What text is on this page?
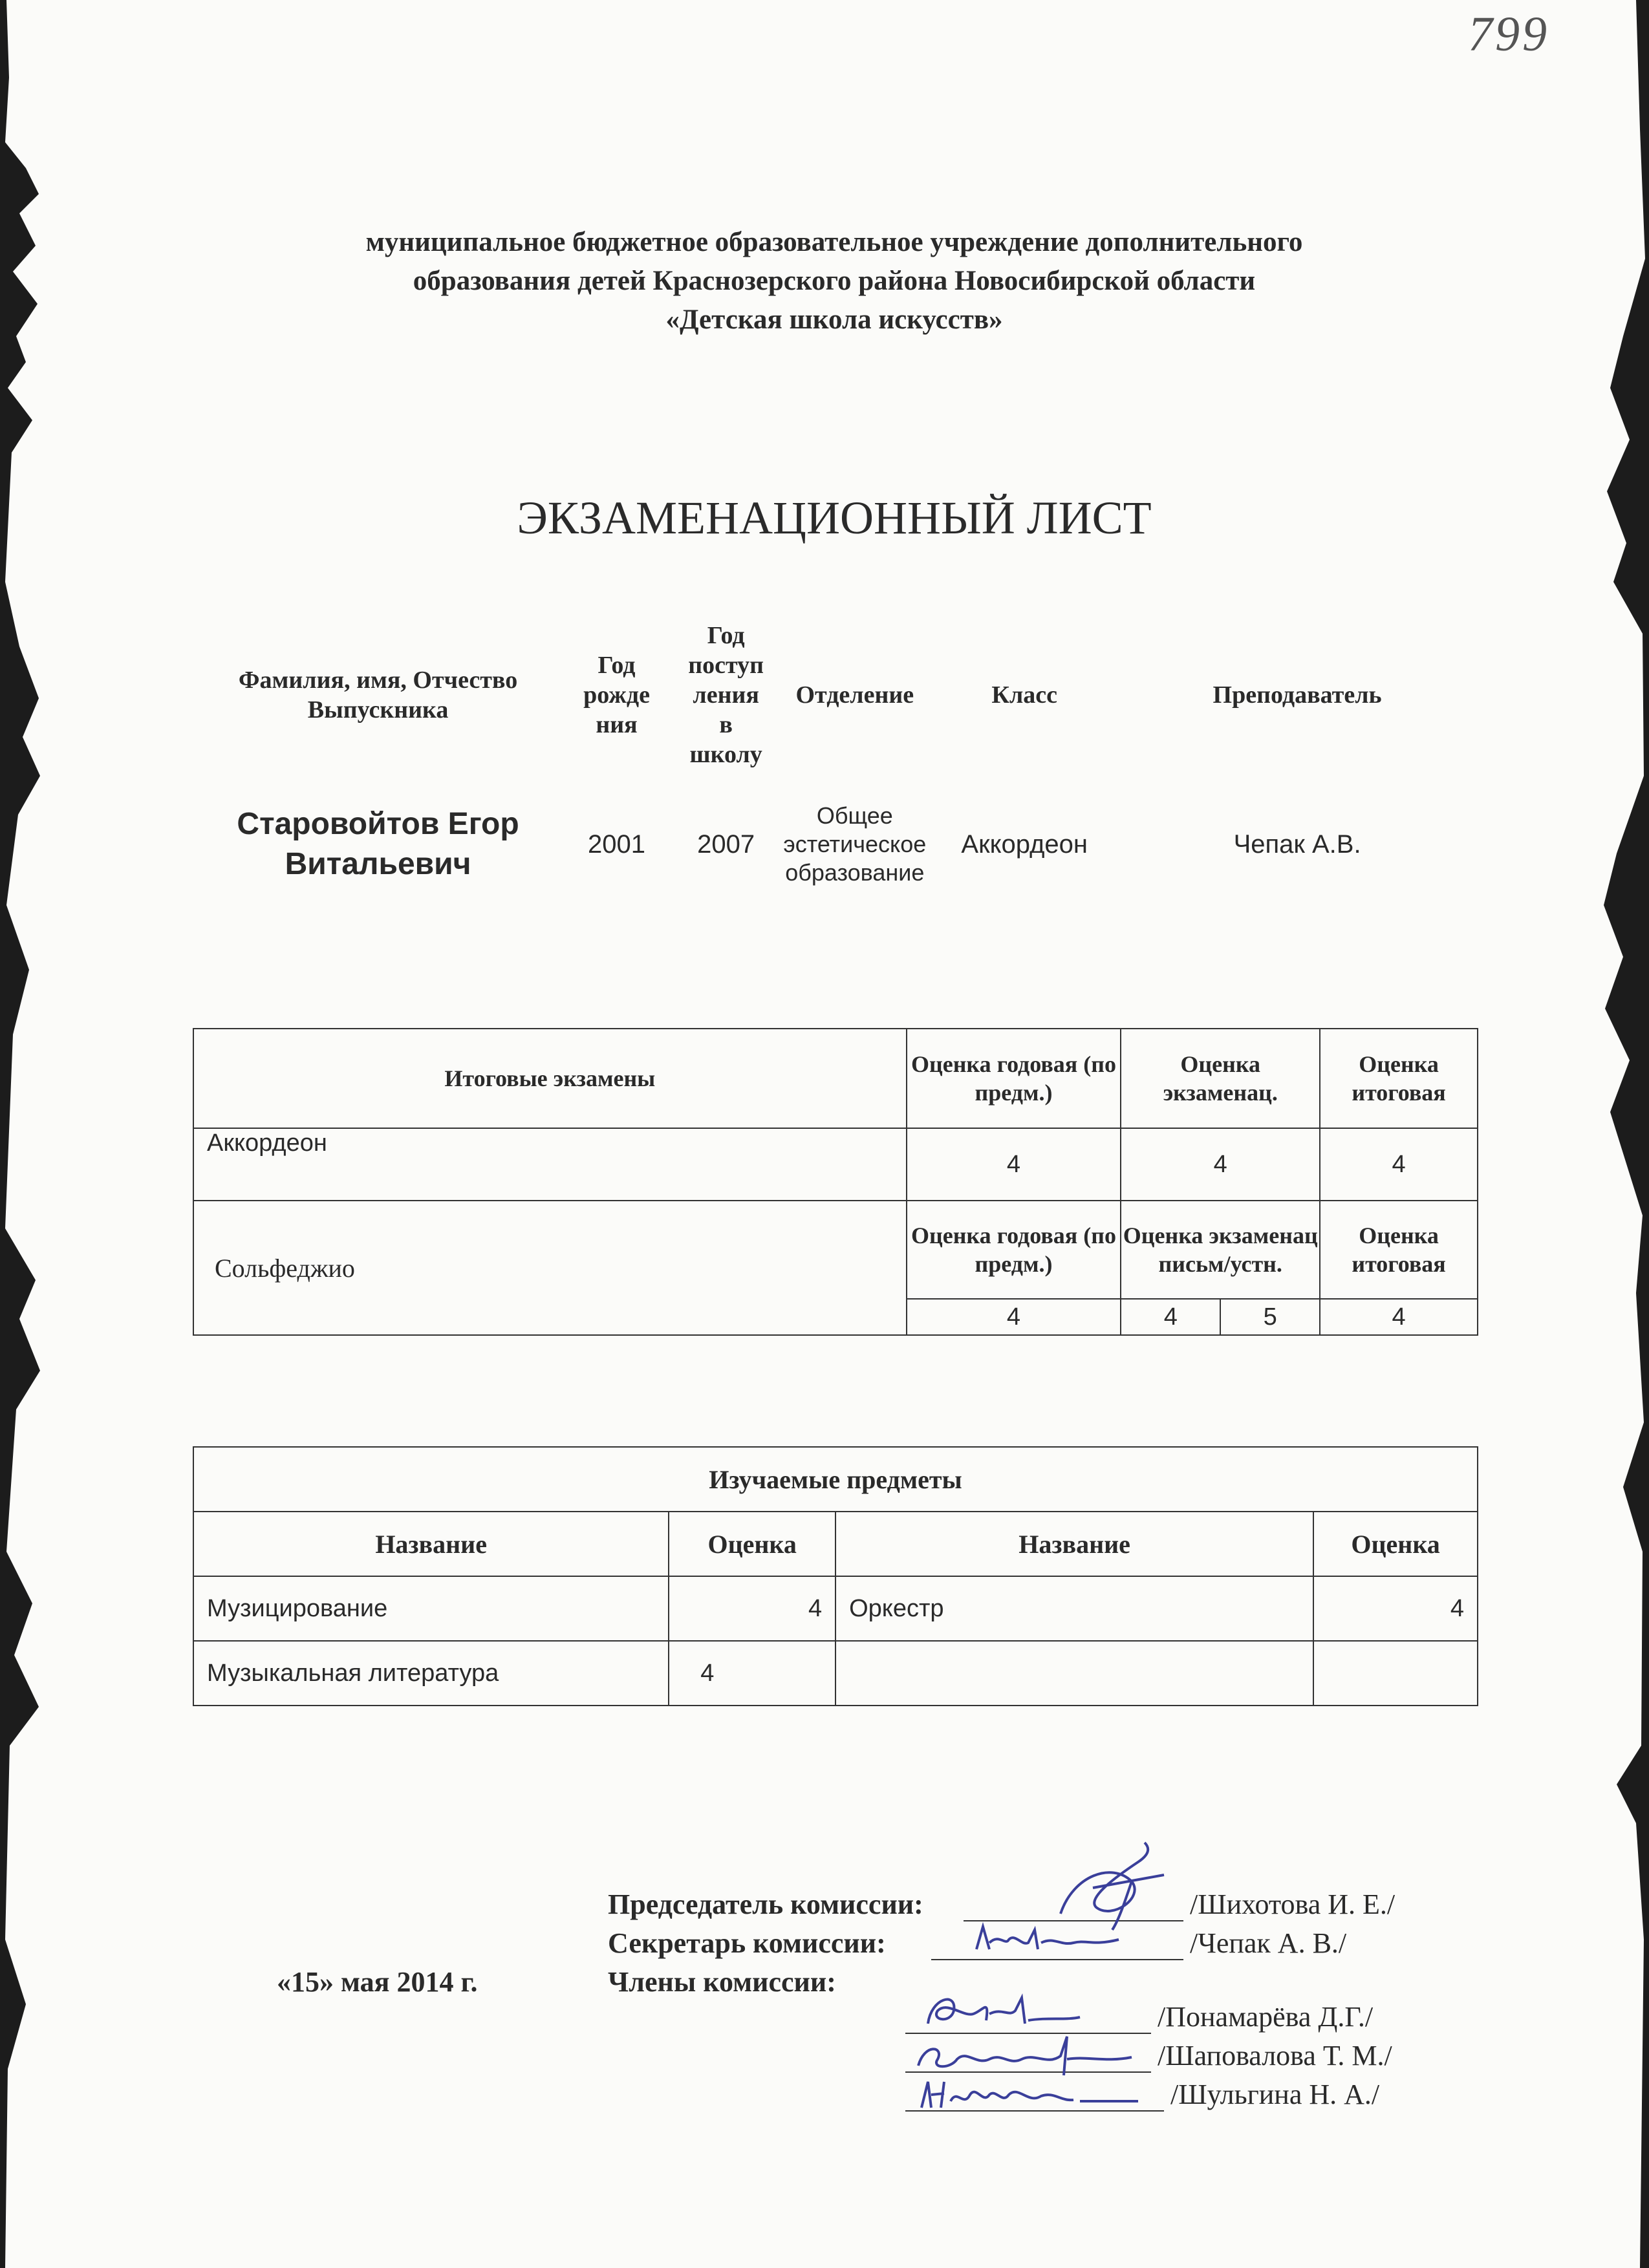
799
муниципальное бюджетное образовательное учреждение дополнительного
образования детей Краснозерского района Новосибирской области
«Детская школа искусств»
ЭКЗАМЕНАЦИОННЫЙ ЛИСТ
Фамилия, имя, Отчество Выпускника	Год рожде ния	Год поступ ления в школу	Отделение	Класс	Преподаватель
Старовойтов Егор Витальевич	2001	2007	Общее эстетическое образование	Аккордеон	Чепак А.В.
Итоговые экзамены	Оценка годовая (по предм.)	Оценка экзаменац.		Оценка итоговая
Аккордеон	4	4		4
Сольфеджио	Оценка годовая (по предм.)	Оценка экзаменац письм/устн.		Оценка итоговая
	4	4	5	4
Изучаемые предметы			
Название	Оценка	Название	Оценка
Музицирование	4	Оркестр	4
Музыкальная литература	4		
Председатель комиссии:	/Шихотова И. Е./
Секретарь комиссии:	/Чепак А. В./
«15» мая 2014 г.	Члены комиссии:
/Понамарёва Д.Г./
/Шаповалова Т. М./
/Шульгина Н. А./
